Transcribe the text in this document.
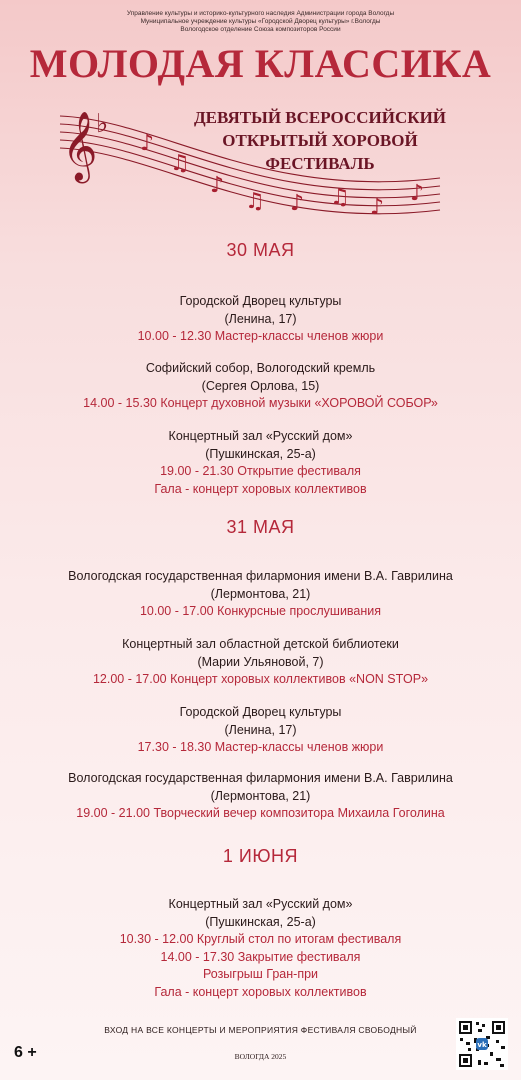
𝄞
♭
♪
♫
♪
♫ ♪ ♫ ♪
♪
Управление культуры и историко-культурного наследия Администрации города Вологды
Муниципальное учреждение культуры «Городской Дворец культуры» г.Вологды
Вологодское отделение Союза композиторов России
МОЛОДАЯ КЛАССИКА
ДЕВЯТЫЙ ВСЕРОССИЙСКИЙ
ОТКРЫТЫЙ ХОРОВОЙ
ФЕСТИВАЛЬ
30 МАЯ
Городской Дворец культуры
(Ленина, 17)
10.00 - 12.30 Мастер-классы членов жюри
Софийский собор, Вологодский кремль
(Сергея Орлова, 15)
14.00 - 15.30 Концерт духовной музыки «ХОРОВОЙ СОБОР»
Концертный зал «Русский дом»
(Пушкинская, 25-а)
19.00 - 21.30 Открытие фестиваля
Гала - концерт хоровых коллективов
31 МАЯ
Вологодская государственная филармония имени В.А. Гаврилина
(Лермонтова, 21)
10.00 - 17.00 Конкурсные прослушивания
Концертный зал областной детской библиотеки
(Марии Ульяновой, 7)
12.00 - 17.00 Концерт хоровых коллективов «NON STOP»
Городской Дворец культуры
(Ленина, 17)
17.30 - 18.30 Мастер-классы членов жюри
Вологодская государственная филармония имени В.А. Гаврилина
(Лермонтова, 21)
19.00 - 21.00 Творческий вечер композитора Михаила Гоголина
1 ИЮНЯ
Концертный зал «Русский дом»
(Пушкинская, 25-а)
10.30 - 12.00 Круглый стол по итогам фестиваля
14.00 - 17.30 Закрытие фестиваля
Розыгрыш Гран-при
Гала - концерт хоровых коллективов
ВХОД НА ВСЕ КОНЦЕРТЫ И МЕРОПРИЯТИЯ ФЕСТИВАЛЯ СВОБОДНЫЙ
ВОЛОГДА 2025
6 +	vk
